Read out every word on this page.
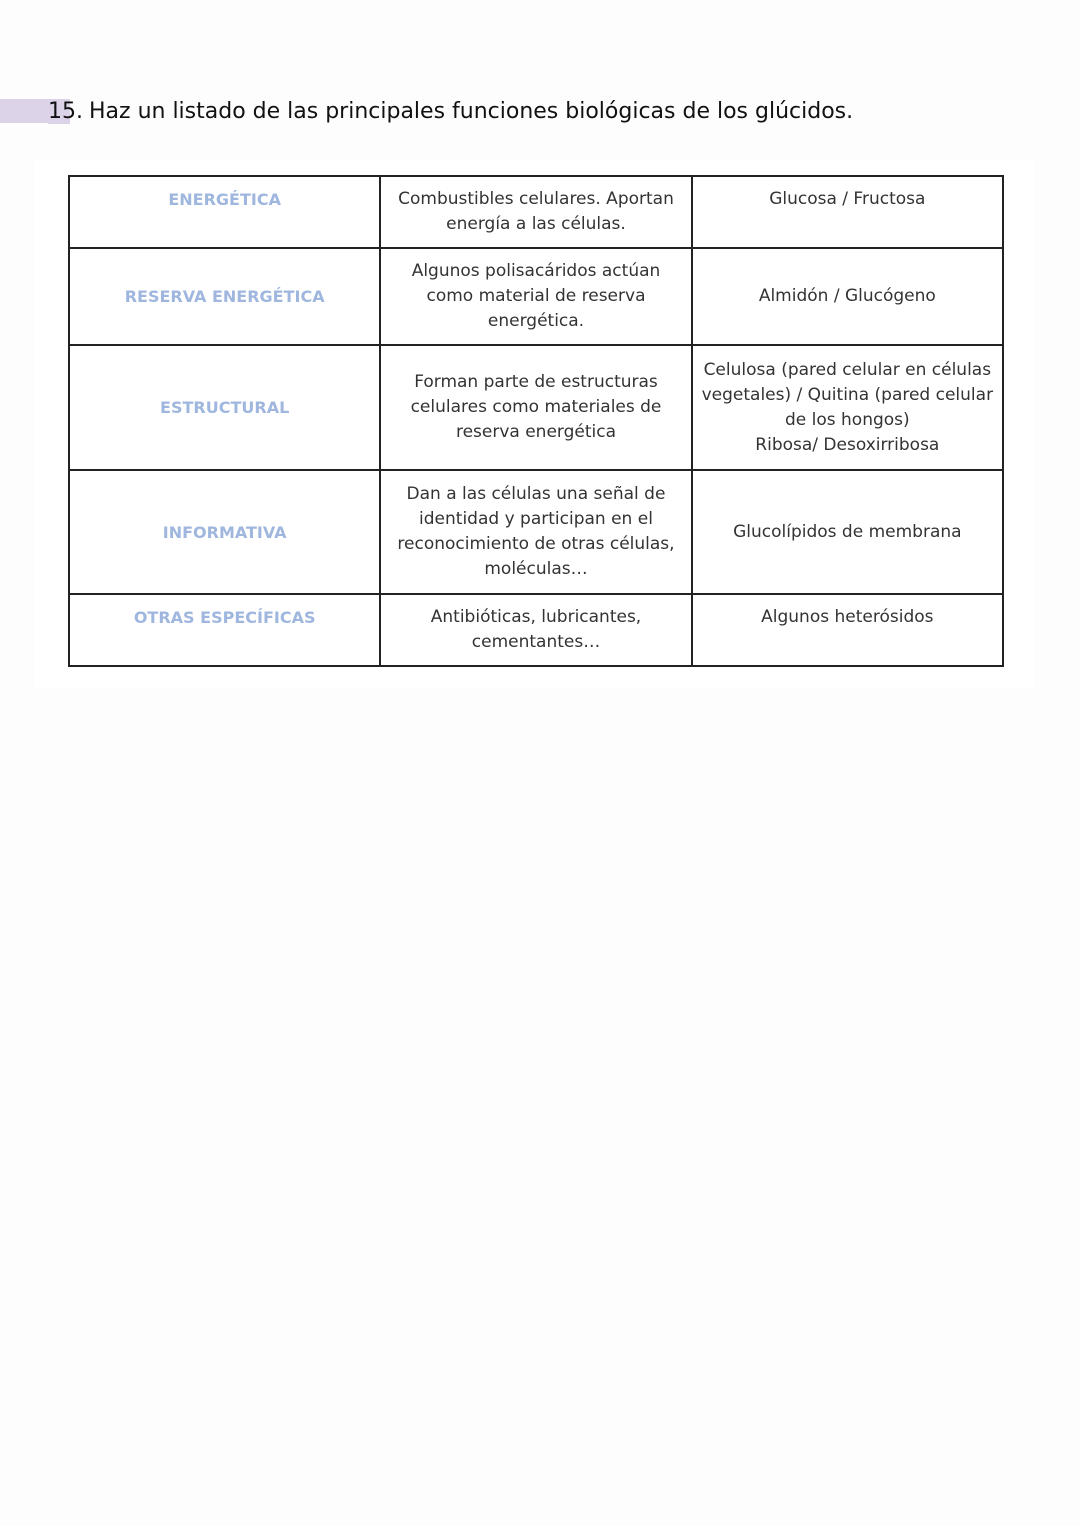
15. Haz un listado de las principales funciones biológicas de los glúcidos.
ENERGÉTICA	Combustibles celulares. Aportan
energía a las células.	Glucosa / Fructosa

RESERVA ENERGÉTICA	Algunos polisacáridos actúan
como material de reserva
energética.	Almidón / Glucógeno

ESTRUCTURAL	Forman parte de estructuras
celulares como materiales de
reserva energética	Celulosa (pared celular en células
vegetales) / Quitina (pared celular
de los hongos)
Ribosa/ Desoxirribosa

INFORMATIVA	Dan a las células una señal de
identidad y participan en el
reconocimiento de otras células,
moléculas…	Glucolípidos de membrana

OTRAS ESPECÍFICAS	Antibióticas, lubricantes,
cementantes…	Algunos heterósidos
